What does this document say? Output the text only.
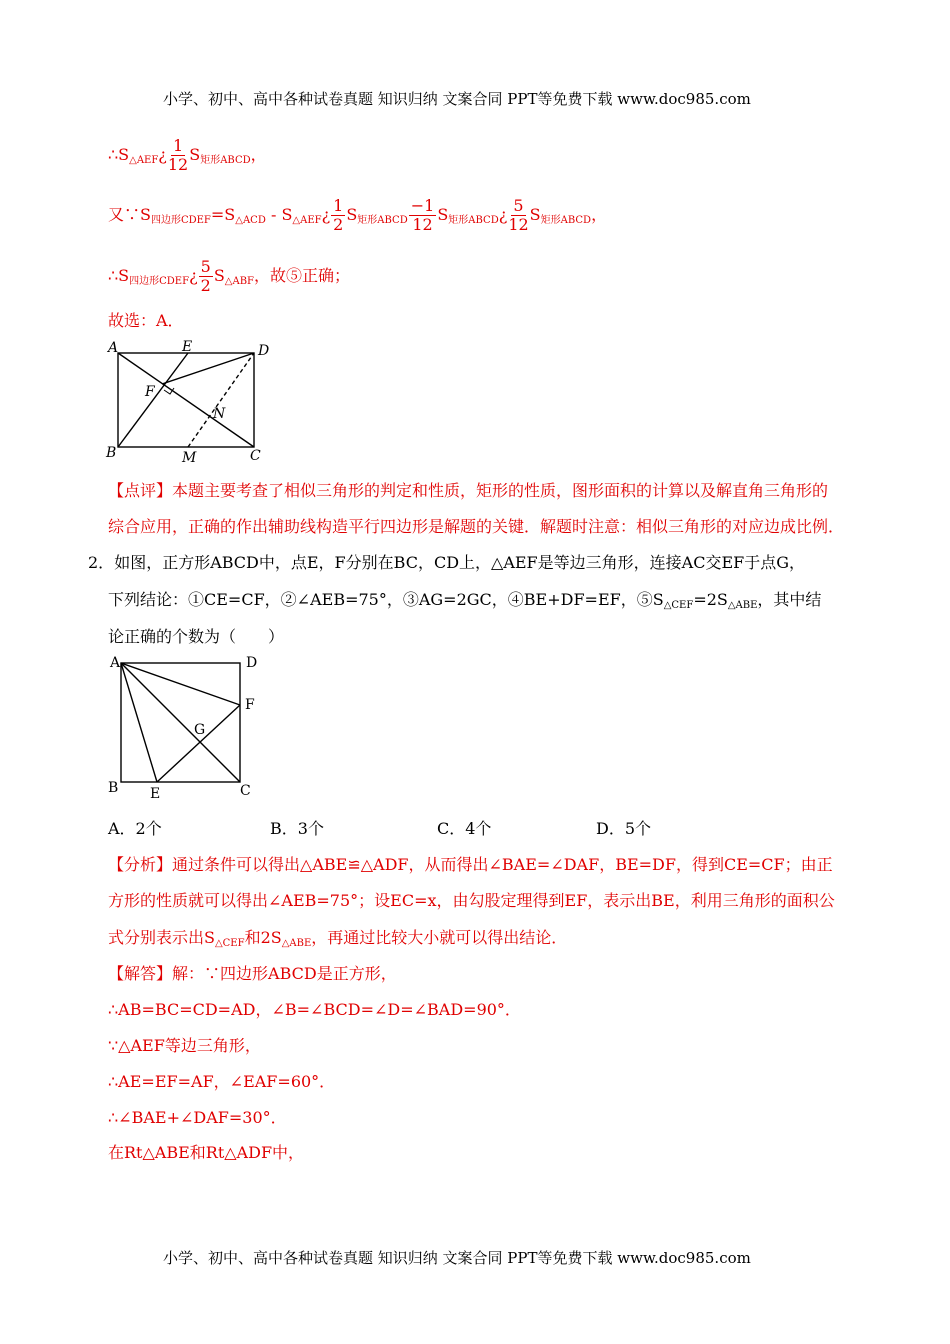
小学、初中、高中各种试卷真题 知识归纳 文案合同 PPT等免费下载 www.doc985.com
$\therefore S_{\triangle AEF}¿ \frac{1}{12} S_{矩形ABCD}$，
又$\because S_{四边形CDEF}=S_{\triangle ACD}$ - $S_{\triangle AEF}¿ \frac{1}{2} S_{矩形ABCD} \frac{-1}{12}$ $S_{矩形ABCD}¿ \frac{5}{12} S_{矩形ABCD}$，
$\therefore S_{四边形CDEF}¿ \frac{5}{2} S_{\triangle ABF}$，故⑤正确；
故选：A．
A	E	D
F
N
B	M	C
【点评】本题主要考查了相似三角形的判定和性质，矩形的性质，图形面积的计算以及解直角三角形的
综合应用，正确的作出辅助线构造平行四边形是解题的关键．解题时注意：相似三角形的对应边成比例．
2．如图，正方形ABCD中，点E，F分别在BC，CD上，△AEF是等边三角形，连接AC交EF于点G，
下列结论：①CE=CF，②∠AEB=75°，③AG=2GC，④BE+DF=EF，$⑤S_{\triangle CEF}=2S_{\triangle ABE}$，其中结
论正确的个数为（　　）
A	D
F
G
B E	C
A．2个	B．3个	C．4个	D．5个
【分析】通过条件可以得出△ABE≌△ADF，从而得出∠BAE=∠DAF，BE=DF，得到CE=CF；由正
方形的性质就可以得出∠AEB=75°；设EC=x，由勾股定理得到EF，表示出BE，利用三角形的面积公
式分别表示出$S_{\triangle CEF}$和$2S_{\triangle ABE}$，再通过比较大小就可以得出结论．
【解答】解：∵四边形ABCD是正方形，
∴AB=BC=CD=AD，∠B=∠BCD=∠D=∠BAD=90°．
∵△AEF等边三角形，
∴AE=EF=AF，∠EAF=60°．
∴∠BAE+∠DAF=30°．
在Rt△ABE和Rt△ADF中，
小学、初中、高中各种试卷真题 知识归纳 文案合同 PPT等免费下载 www.doc985.com
